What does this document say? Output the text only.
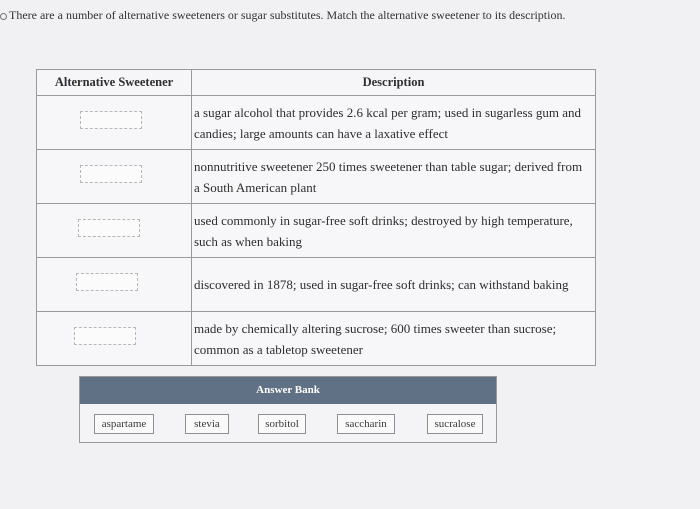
There are a number of alternative sweeteners or sugar substitutes. Match the alternative sweetener to its description.
Alternative Sweetener	Description
	a sugar alcohol that provides 2.6 kcal per gram; used in sugarless gum and candies; large amounts can have a laxative effect
	nonnutritive sweetener 250 times sweetener than table sugar; derived from a South American plant
	used commonly in sugar-free soft drinks; destroyed by high temperature, such as when baking
	discovered in 1878; used in sugar-free soft drinks; can withstand baking
	made by chemically altering sucrose; 600 times sweeter than sucrose; common as a tabletop sweetener
Answer Bank
aspartame	stevia	sorbitol	saccharin	sucralose
